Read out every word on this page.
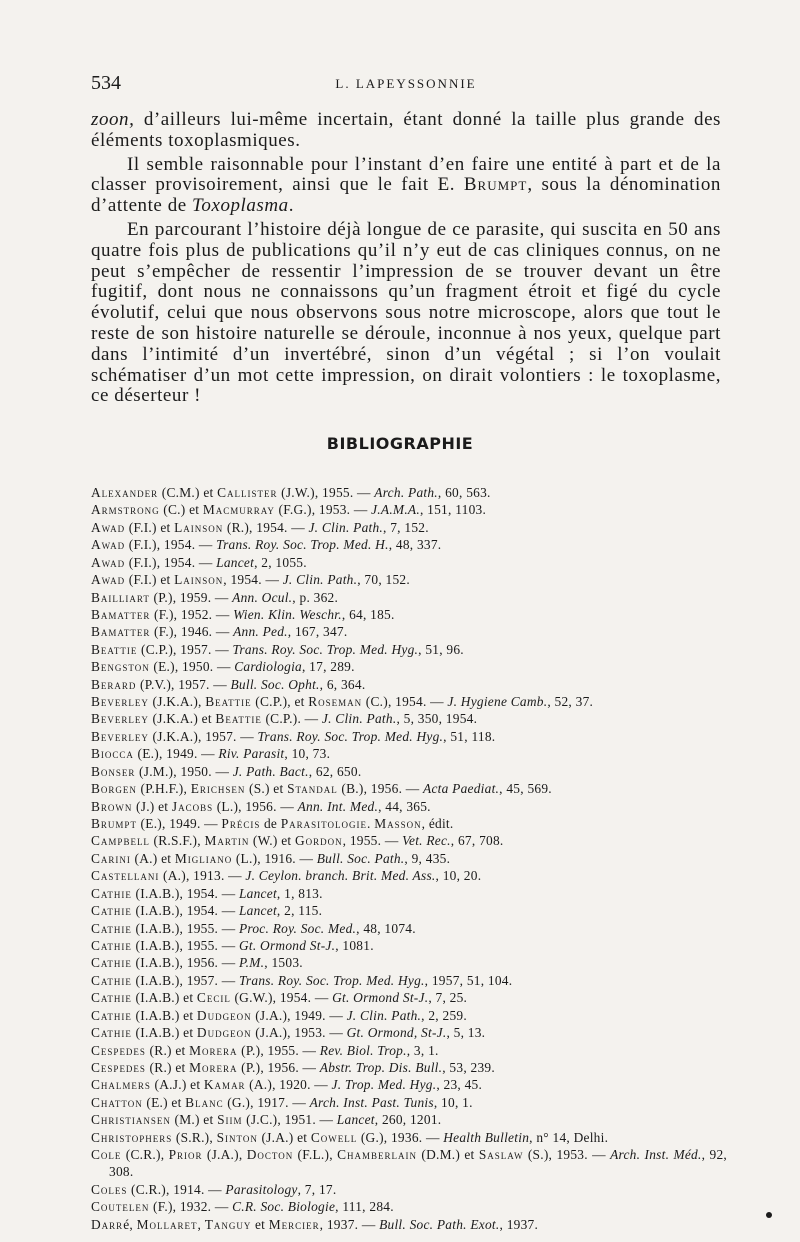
534	L. LAPEYSSONNIE

zoon, d’ailleurs lui-même incertain, étant donné la taille plus grande des éléments toxoplasmiques.

Il semble raisonnable pour l’instant d’en faire une entité à part et de la classer provisoirement, ainsi que le fait E. Brumpt, sous la dénomination d’attente de Toxoplasma.

En parcourant l’histoire déjà longue de ce parasite, qui suscita en 50 ans quatre fois plus de publications qu’il n’y eut de cas cliniques connus, on ne peut s’empêcher de ressentir l’impression de se trouver devant un être fugitif, dont nous ne connaissons qu’un fragment étroit et figé du cycle évolutif, celui que nous observons sous notre microscope, alors que tout le reste de son histoire naturelle se déroule, inconnue à nos yeux, quelque part dans l’intimité d’un invertébré, sinon d’un végétal ; si l’on voulait schématiser d’un mot cette impression, on dirait volontiers : le toxoplasme, ce déserteur !

BIBLIOGRAPHIE
Alexander (C.M.) et Callister (J.W.), 1955. — Arch. Path., 60, 563.
Armstrong (C.) et Macmurray (F.G.), 1953. — J.A.M.A., 151, 1103.
Awad (F.I.) et Lainson (R.), 1954. — J. Clin. Path., 7, 152.
Awad (F.I.), 1954. — Trans. Roy. Soc. Trop. Med. H., 48, 337.
Awad (F.I.), 1954. — Lancet, 2, 1055.
Awad (F.I.) et Lainson, 1954. — J. Clin. Path., 70, 152.
Bailliart (P.), 1959. — Ann. Ocul., p. 362.
Bamatter (F.), 1952. — Wien. Klin. Weschr., 64, 185.
Bamatter (F.), 1946. — Ann. Ped., 167, 347.
Beattie (C.P.), 1957. — Trans. Roy. Soc. Trop. Med. Hyg., 51, 96.
Bengston (E.), 1950. — Cardiologia, 17, 289.
Berard (P.V.), 1957. — Bull. Soc. Opht., 6, 364.
Beverley (J.K.A.), Beattie (C.P.), et Roseman (C.), 1954. — J. Hygiene Camb., 52, 37.
Beverley (J.K.A.) et Beattie (C.P.). — J. Clin. Path., 5, 350, 1954.
Beverley (J.K.A.), 1957. — Trans. Roy. Soc. Trop. Med. Hyg., 51, 118.
Biocca (E.), 1949. — Riv. Parasit, 10, 73.
Bonser (J.M.), 1950. — J. Path. Bact., 62, 650.
Borgen (P.H.F.), Erichsen (S.) et Standal (B.), 1956. — Acta Paediat., 45, 569.
Brown (J.) et Jacobs (L.), 1956. — Ann. Int. Med., 44, 365.
Brumpt (E.), 1949. — Précis de Parasitologie. Masson, édit.
Campbell (R.S.F.), Martin (W.) et Gordon, 1955. — Vet. Rec., 67, 708.
Carini (A.) et Migliano (L.), 1916. — Bull. Soc. Path., 9, 435.
Castellani (A.), 1913. — J. Ceylon. branch. Brit. Med. Ass., 10, 20.
Cathie (I.A.B.), 1954. — Lancet, 1, 813.
Cathie (I.A.B.), 1954. — Lancet, 2, 115.
Cathie (I.A.B.), 1955. — Proc. Roy. Soc. Med., 48, 1074.
Cathie (I.A.B.), 1955. — Gt. Ormond St-J., 1081.
Cathie (I.A.B.), 1956. — P.M., 1503.
Cathie (I.A.B.), 1957. — Trans. Roy. Soc. Trop. Med. Hyg., 1957, 51, 104.
Cathie (I.A.B.) et Cecil (G.W.), 1954. — Gt. Ormond St-J., 7, 25.
Cathie (I.A.B.) et Dudgeon (J.A.), 1949. — J. Clin. Path., 2, 259.
Cathie (I.A.B.) et Dudgeon (J.A.), 1953. — Gt. Ormond, St-J., 5, 13.
Cespedes (R.) et Morera (P.), 1955. — Rev. Biol. Trop., 3, 1.
Cespedes (R.) et Morera (P.), 1956. — Abstr. Trop. Dis. Bull., 53, 239.
Chalmers (A.J.) et Kamar (A.), 1920. — J. Trop. Med. Hyg., 23, 45.
Chatton (E.) et Blanc (G.), 1917. — Arch. Inst. Past. Tunis, 10, 1.
Christiansen (M.) et Siim (J.C.), 1951. — Lancet, 260, 1201.
Christophers (S.R.), Sinton (J.A.) et Cowell (G.), 1936. — Health Bulletin, n° 14, Delhi.
Cole (C.R.), Prior (J.A.), Docton (F.L.), Chamberlain (D.M.) et Saslaw (S.), 1953. — Arch. Inst. Méd., 92, 308.
Coles (C.R.), 1914. — Parasitology, 7, 17.
Coutelen (F.), 1932. — C.R. Soc. Biologie, 111, 284.
Darré, Mollaret, Tanguy et Mercier, 1937. — Bull. Soc. Path. Exot., 1937.
